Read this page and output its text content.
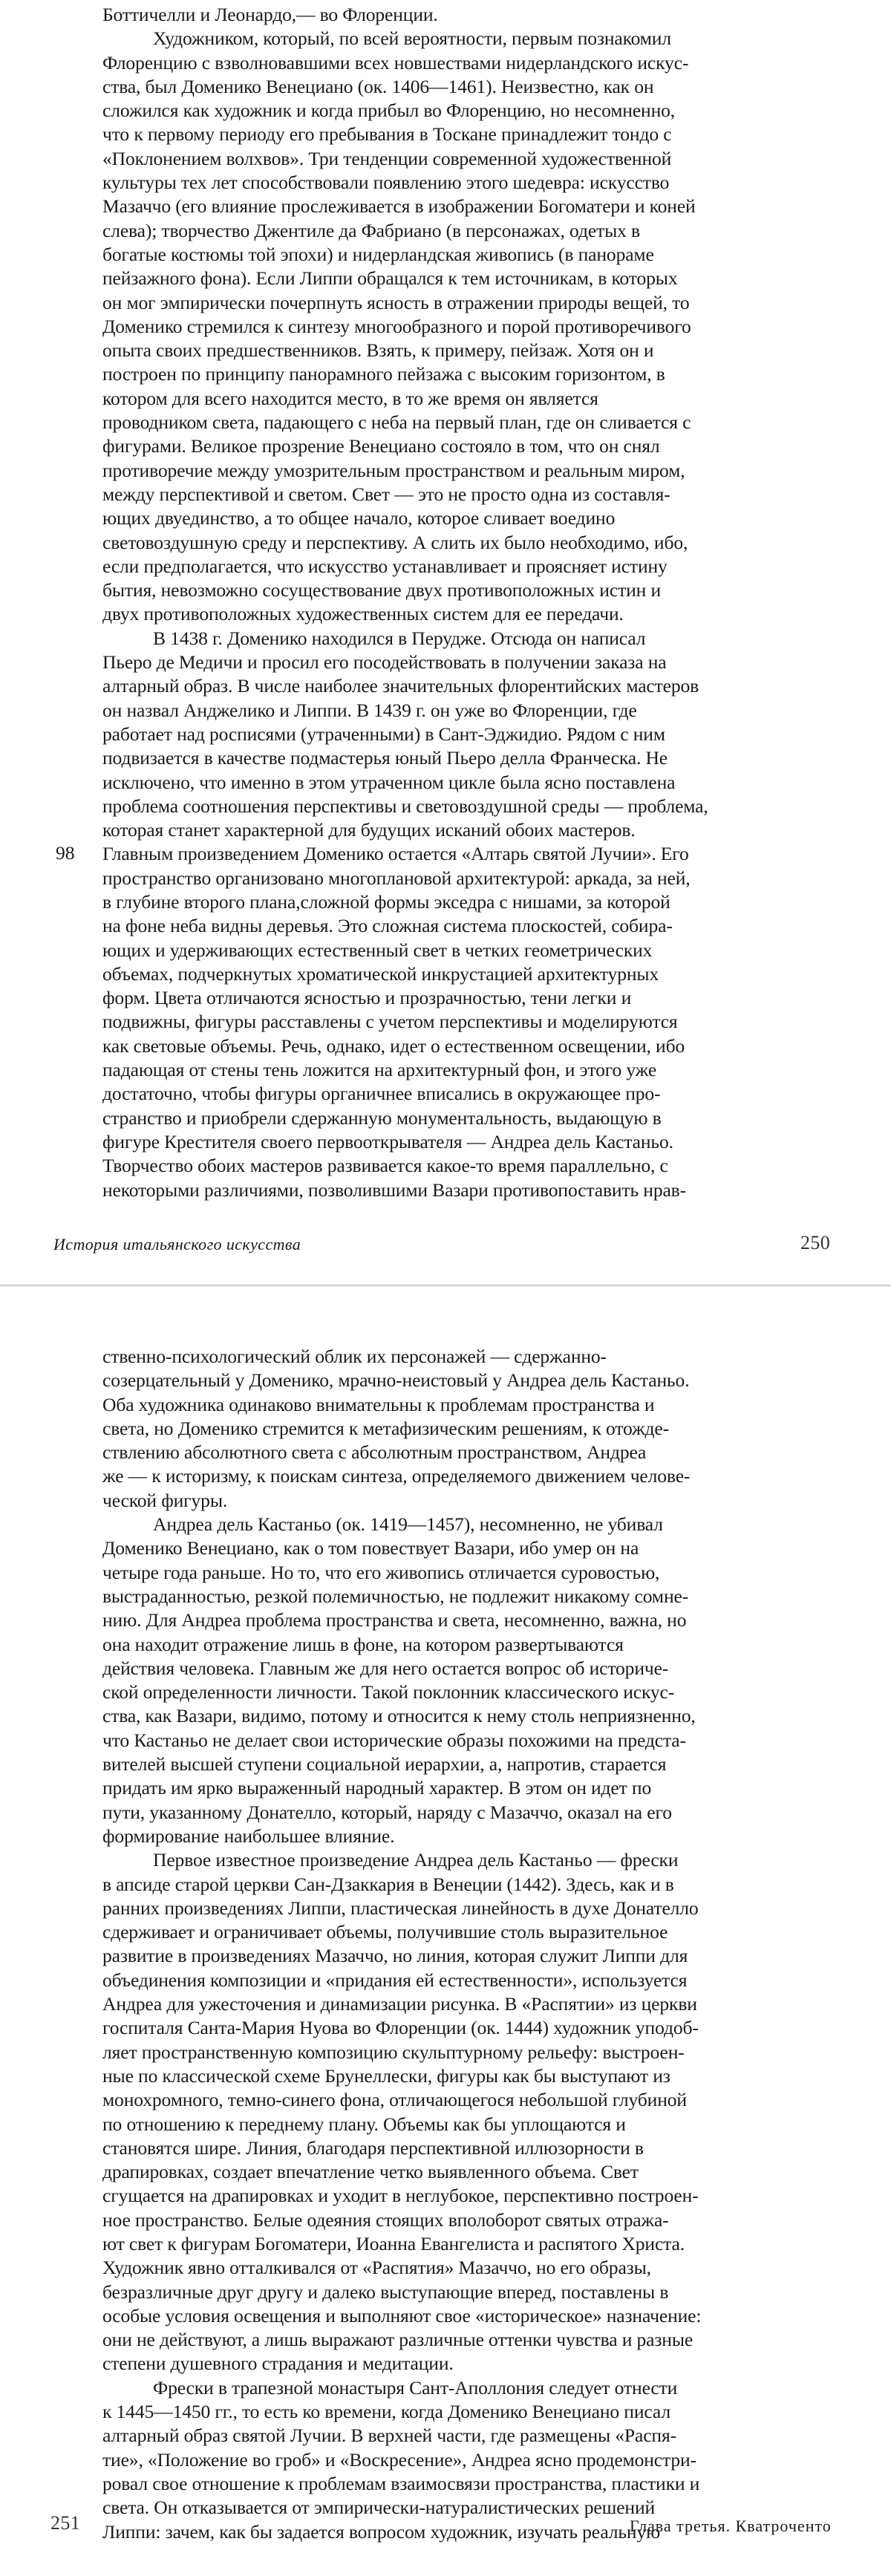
Боттичелли и Леонардо,— во Флоренции.
Художником, который, по всей вероятности, первым познакомил
Флоренцию с взволновавшими всех новшествами нидерландского искус-
ства, был Доменико Венециано (ок. 1406—1461). Неизвестно, как он
сложился как художник и когда прибыл во Флоренцию, но несомненно,
что к первому периоду его пребывания в Тоскане принадлежит тондо с
«Поклонением волхвов». Три тенденции современной художественной
культуры тех лет способствовали появлению этого шедевра: искусство
Мазаччо (его влияние прослеживается в изображении Богоматери и коней
слева); творчество Джентиле да Фабриано (в персонажах, одетых в
богатые костюмы той эпохи) и нидерландская живопись (в панораме
пейзажного фона). Если Липпи обращался к тем источникам, в которых
он мог эмпирически почерпнуть ясность в отражении природы вещей, то
Доменико стремился к синтезу многообразного и порой противоречивого
опыта своих предшественников. Взять, к примеру, пейзаж. Хотя он и
построен по принципу панорамного пейзажа с высоким горизонтом, в
котором для всего находится место, в то же время он является
проводником света, падающего с неба на первый план, где он сливается с
фигурами. Великое прозрение Венециано состояло в том, что он снял
противоречие между умозрительным пространством и реальным миром,
между перспективой и светом. Свет — это не просто одна из составля-
ющих двуединство, а то общее начало, которое сливает воедино
световоздушную среду и перспективу. А слить их было необходимо, ибо,
если предполагается, что искусство устанавливает и проясняет истину
бытия, невозможно сосуществование двух противоположных истин и
двух противоположных художественных систем для ее передачи.
В 1438 г. Доменико находился в Перудже. Отсюда он написал
Пьеро де Медичи и просил его посодействовать в получении заказа на
алтарный образ. В числе наиболее значительных флорентийских мастеров
он назвал Анджелико и Липпи. В 1439 г. он уже во Флоренции, где
работает над росписями (утраченными) в Сант-Эджидио. Рядом с ним
подвизается в качестве подмастерья юный Пьеро делла Франческа. Не
исключено, что именно в этом утраченном цикле была ясно поставлена
проблема соотношения перспективы и световоздушной среды — проблема,
которая станет характерной для будущих исканий обоих мастеров.
Главным произведением Доменико остается «Алтарь святой Лучии». Его
пространство организовано многоплановой архитектурой: аркада, за ней,
в глубине второго плана,сложной формы экседра с нишами, за которой
на фоне неба видны деревья. Это сложная система плоскостей, собира-
ющих и удерживающих естественный свет в четких геометрических
объемах, подчеркнутых хроматической инкрустацией архитектурных
форм. Цвета отличаются ясностью и прозрачностью, тени легки и
подвижны, фигуры расставлены с учетом перспективы и моделируются
как световые объемы. Речь, однако, идет о естественном освещении, ибо
падающая от стены тень ложится на архитектурный фон, и этого уже
достаточно, чтобы фигуры органичнее вписались в окружающее про-
странство и приобрели сдержанную монументальность, выдающую в
фигуре Крестителя своего первооткрывателя — Андреа дель Кастаньо.
Творчество обоих мастеров развивается какое-то время параллельно, с
некоторыми различиями, позволившими Вазари противопоставить нрав-
98
История итальянского искусства	250
ственно-психологический облик их персонажей — сдержанно-
созерцательный у Доменико, мрачно-неистовый у Андреа дель Кастаньо.
Оба художника одинаково внимательны к проблемам пространства и
света, но Доменико стремится к метафизическим решениям, к отожде-
ствлению абсолютного света с абсолютным пространством, Андреа
же — к историзму, к поискам синтеза, определяемого движением челове-
ческой фигуры.
Андреа дель Кастаньо (ок. 1419—1457), несомненно, не убивал
Доменико Венециано, как о том повествует Вазари, ибо умер он на
четыре года раньше. Но то, что его живопись отличается суровостью,
выстраданностью, резкой полемичностью, не подлежит никакому сомне-
нию. Для Андреа проблема пространства и света, несомненно, важна, но
она находит отражение лишь в фоне, на котором развертываются
действия человека. Главным же для него остается вопрос об историче-
ской определенности личности. Такой поклонник классического искус-
ства, как Вазари, видимо, потому и относится к нему столь неприязненно,
что Кастаньо не делает свои исторические образы похожими на предста-
вителей высшей ступени социальной иерархии, а, напротив, старается
придать им ярко выраженный народный характер. В этом он идет по
пути, указанному Донателло, который, наряду с Мазаччо, оказал на его
формирование наибольшее влияние.
Первое известное произведение Андреа дель Кастаньо — фрески
в апсиде старой церкви Сан-Дзаккария в Венеции (1442). Здесь, как и в
ранних произведениях Липпи, пластическая линейность в духе Донателло
сдерживает и ограничивает объемы, получившие столь выразительное
развитие в произведениях Мазаччо, но линия, которая служит Липпи для
объединения композиции и «придания ей естественности», используется
Андреа для ужесточения и динамизации рисунка. В «Распятии» из церкви
госпиталя Санта-Мария Нуова во Флоренции (ок. 1444) художник уподоб-
ляет пространственную композицию скульптурному рельефу: выстроен-
ные по классической схеме Брунеллески, фигуры как бы выступают из
монохромного, темно-синего фона, отличающегося небольшой глубиной
по отношению к переднему плану. Объемы как бы уплощаются и
становятся шире. Линия, благодаря перспективной иллюзорности в
драпировках, создает впечатление четко выявленного объема. Свет
сгущается на драпировках и уходит в неглубокое, перспективно построен-
ное пространство. Белые одеяния стоящих вполоборот святых отража-
ют свет к фигурам Богоматери, Иоанна Евангелиста и распятого Христа.
Художник явно отталкивался от «Распятия» Мазаччо, но его образы,
безразличные друг другу и далеко выступающие вперед, поставлены в
особые условия освещения и выполняют свое «историческое» назначение:
они не действуют, а лишь выражают различные оттенки чувства и разные
степени душевного страдания и медитации.
Фрески в трапезной монастыря Сант-Аполлония следует отнести
к 1445—1450 гг., то есть ко времени, когда Доменико Венециано писал
алтарный образ святой Лучии. В верхней части, где размещены «Распя-
тие», «Положение во гроб» и «Воскресение», Андреа ясно продемонстри-
ровал свое отношение к проблемам взаимосвязи пространства, пластики и
света. Он отказывается от эмпирически-натуралистических решений
Липпи: зачем, как бы задается вопросом художник, изучать реальную
251	Глава третья. Кватроченто
